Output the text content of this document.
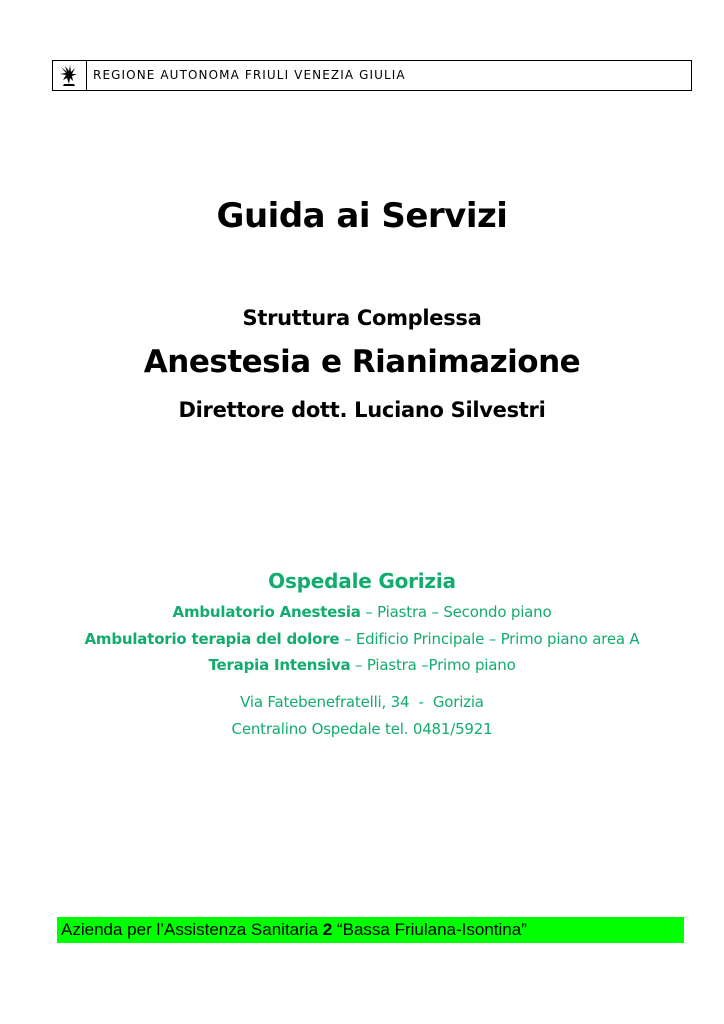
REGIONE AUTONOMA FRIULI VENEZIA GIULIA
Guida ai Servizi
Struttura Complessa
Anestesia e Rianimazione
Direttore dott. Luciano Silvestri
Ospedale Gorizia
Ambulatorio Anestesia – Piastra – Secondo piano
Ambulatorio terapia del dolore – Edificio Principale – Primo piano area A
Terapia Intensiva – Piastra –Primo piano
Via Fatebenefratelli, 34  -  Gorizia
Centralino Ospedale tel. 0481/5921
Azienda per l’Assistenza Sanitaria 2 “Bassa Friulana-Isontina”
